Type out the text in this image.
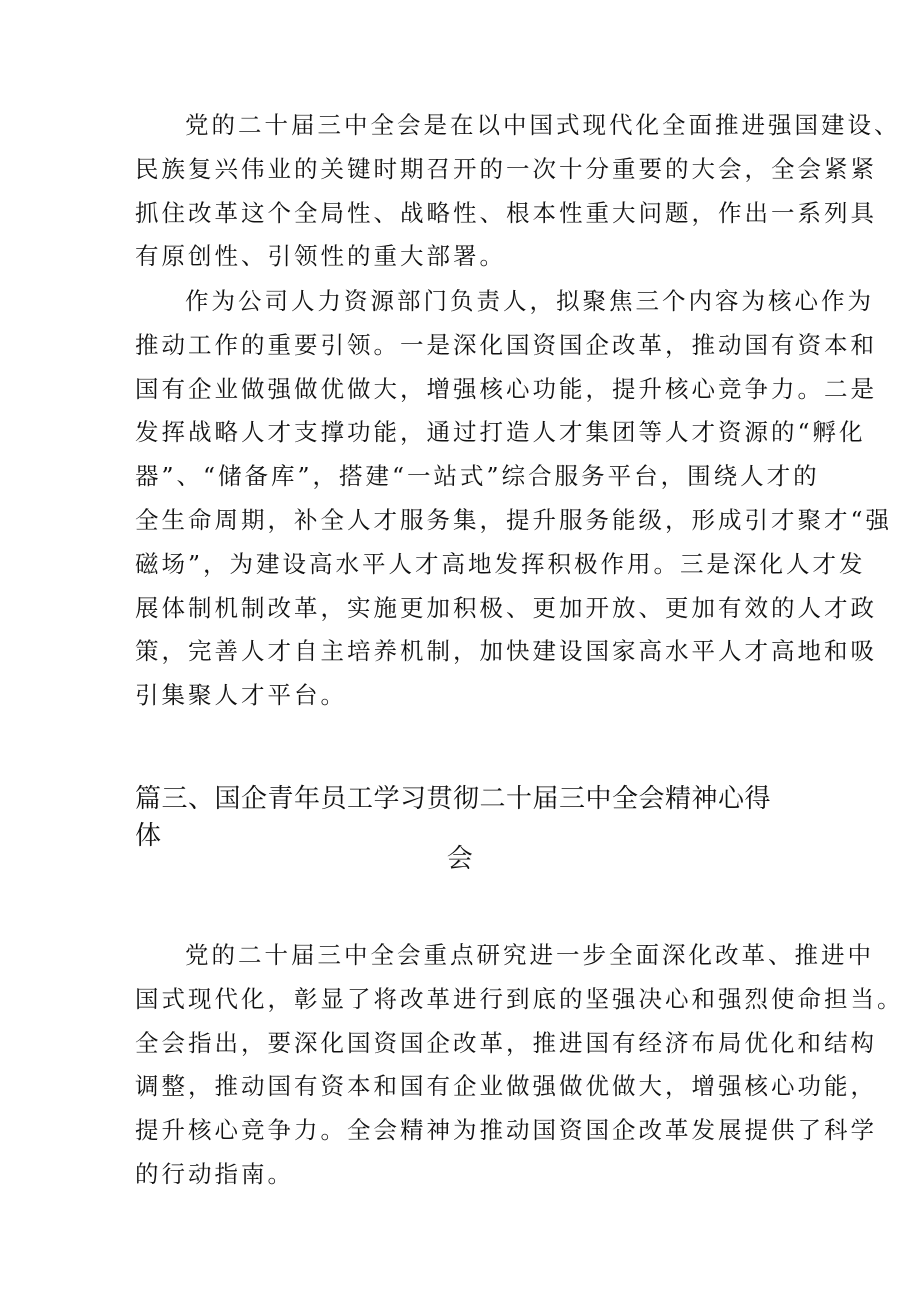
党的二十届三中全会是在以中国式现代化全面推进强国建设、
民族复兴伟业的关键时期召开的一次十分重要的大会，全会紧紧
抓住改革这个全局性、战略性、根本性重大问题，作出一系列具
有原创性、引领性的重大部署。
作为公司人力资源部门负责人，拟聚焦三个内容为核心作为
推动工作的重要引领。一是深化国资国企改革，推动国有资本和
国有企业做强做优做大，增强核心功能，提升核心竞争力。二是
发挥战略人才支撑功能，通过打造人才集团等人才资源的“孵化
器”、“储备库”，搭建“一站式”综合服务平台，围绕人才的
全生命周期，补全人才服务集，提升服务能级，形成引才聚才“强
磁场”，为建设高水平人才高地发挥积极作用。三是深化人才发
展体制机制改革，实施更加积极、更加开放、更加有效的人才政
策，完善人才自主培养机制，加快建设国家高水平人才高地和吸
引集聚人才平台。
篇三、国企青年员工学习贯彻二十届三中全会精神心得体
会
党的二十届三中全会重点研究进一步全面深化改革、推进中
国式现代化，彰显了将改革进行到底的坚强决心和强烈使命担当。
全会指出，要深化国资国企改革，推进国有经济布局优化和结构
调整，推动国有资本和国有企业做强做优做大，增强核心功能，
提升核心竞争力。全会精神为推动国资国企改革发展提供了科学
的行动指南。
